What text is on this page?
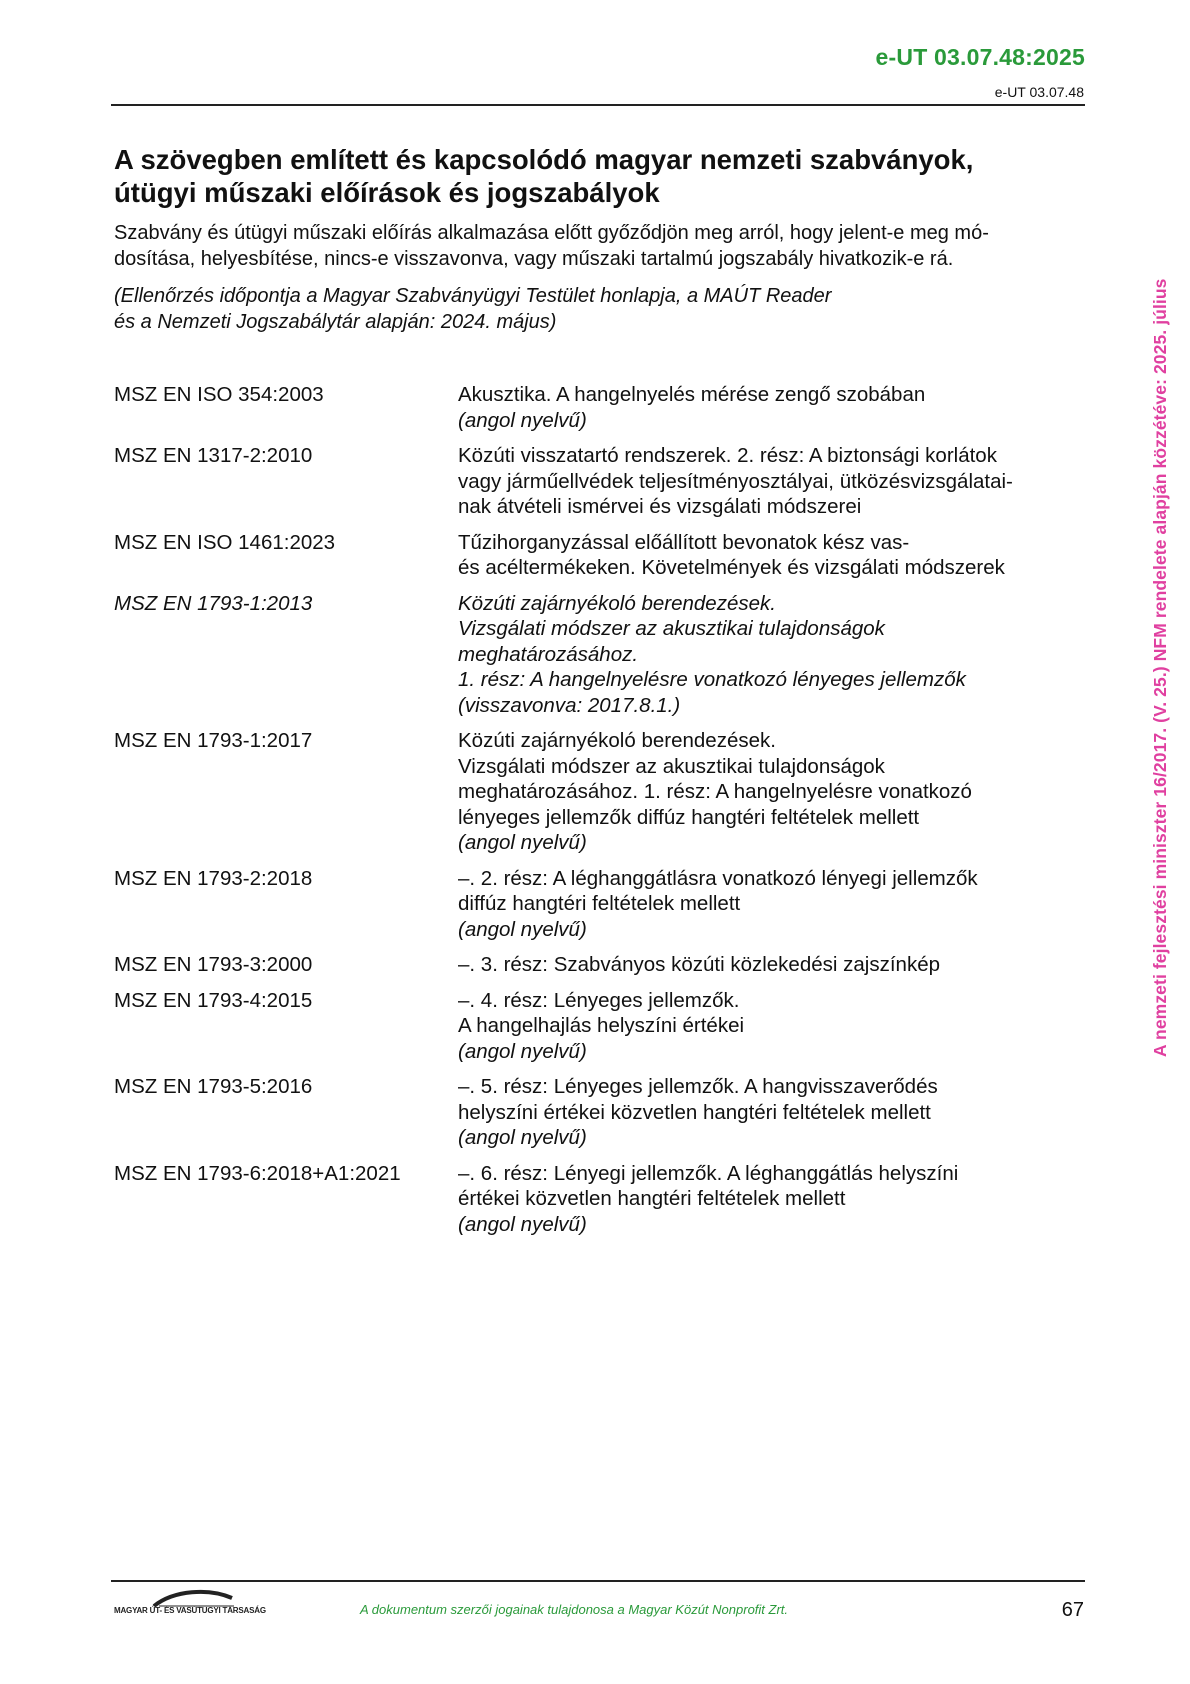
e-UT 03.07.48:2025
e-UT 03.07.48
A nemzeti fejlesztési miniszter 16/2017. (V. 25.) NFM rendelete alapján közzétéve: 2025. július
A szövegben említett és kapcsolódó magyar nemzeti szabványok,
útügyi műszaki előírások és jogszabályok
Szabvány és útügyi műszaki előírás alkalmazása előtt győződjön meg arról, hogy jelent-e meg mó-
dosítása, helyesbítése, nincs-e visszavonva, vagy műszaki tartalmú jogszabály hivatkozik-e rá.
(Ellenőrzés időpontja a Magyar Szabványügyi Testület honlapja, a MAÚT Reader
és a Nemzeti Jogszabálytár alapján: 2024. május)
MSZ EN ISO 354:2003	Akusztika. A hangelnyelés mérése zengő szobában
(angol nyelvű)
MSZ EN 1317-2:2010	Közúti visszatartó rendszerek. 2. rész: A biztonsági korlátok
vagy járműellvédek teljesítményosztályai, ütközésvizsgálatai-
nak átvételi ismérvei és vizsgálati módszerei
MSZ EN ISO 1461:2023	Tűzihorganyzással előállított bevonatok kész vas-
és acéltermékeken. Követelmények és vizsgálati módszerek
MSZ EN 1793-1:2013	Közúti zajárnyékoló berendezések.
Vizsgálati módszer az akusztikai tulajdonságok
meghatározásához.
1. rész: A hangelnyelésre vonatkozó lényeges jellemzők
(visszavonva: 2017.8.1.)
MSZ EN 1793-1:2017	Közúti zajárnyékoló berendezések.
Vizsgálati módszer az akusztikai tulajdonságok
meghatározásához. 1. rész: A hangelnyelésre vonatkozó
lényeges jellemzők diffúz hangtéri feltételek mellett
(angol nyelvű)
MSZ EN 1793-2:2018	–. 2. rész: A léghanggátlásra vonatkozó lényegi jellemzők
diffúz hangtéri feltételek mellett
(angol nyelvű)
MSZ EN 1793-3:2000	–. 3. rész: Szabványos közúti közlekedési zajszínkép
MSZ EN 1793-4:2015	–. 4. rész: Lényeges jellemzők.
A hangelhajlás helyszíni értékei
(angol nyelvű)
MSZ EN 1793-5:2016	–. 5. rész: Lényeges jellemzők. A hangvisszaverődés
helyszíni értékei közvetlen hangtéri feltételek mellett
(angol nyelvű)
MSZ EN 1793-6:2018+A1:2021	–. 6. rész: Lényegi jellemzők. A léghanggátlás helyszíni
értékei közvetlen hangtéri feltételek mellett
(angol nyelvű)
MAGYAR ÚT- ÉS VASÚTÜGYI TÁRSASÁG	A dokumentum szerzői jogainak tulajdonosa a Magyar Közút Nonprofit Zrt.	67
